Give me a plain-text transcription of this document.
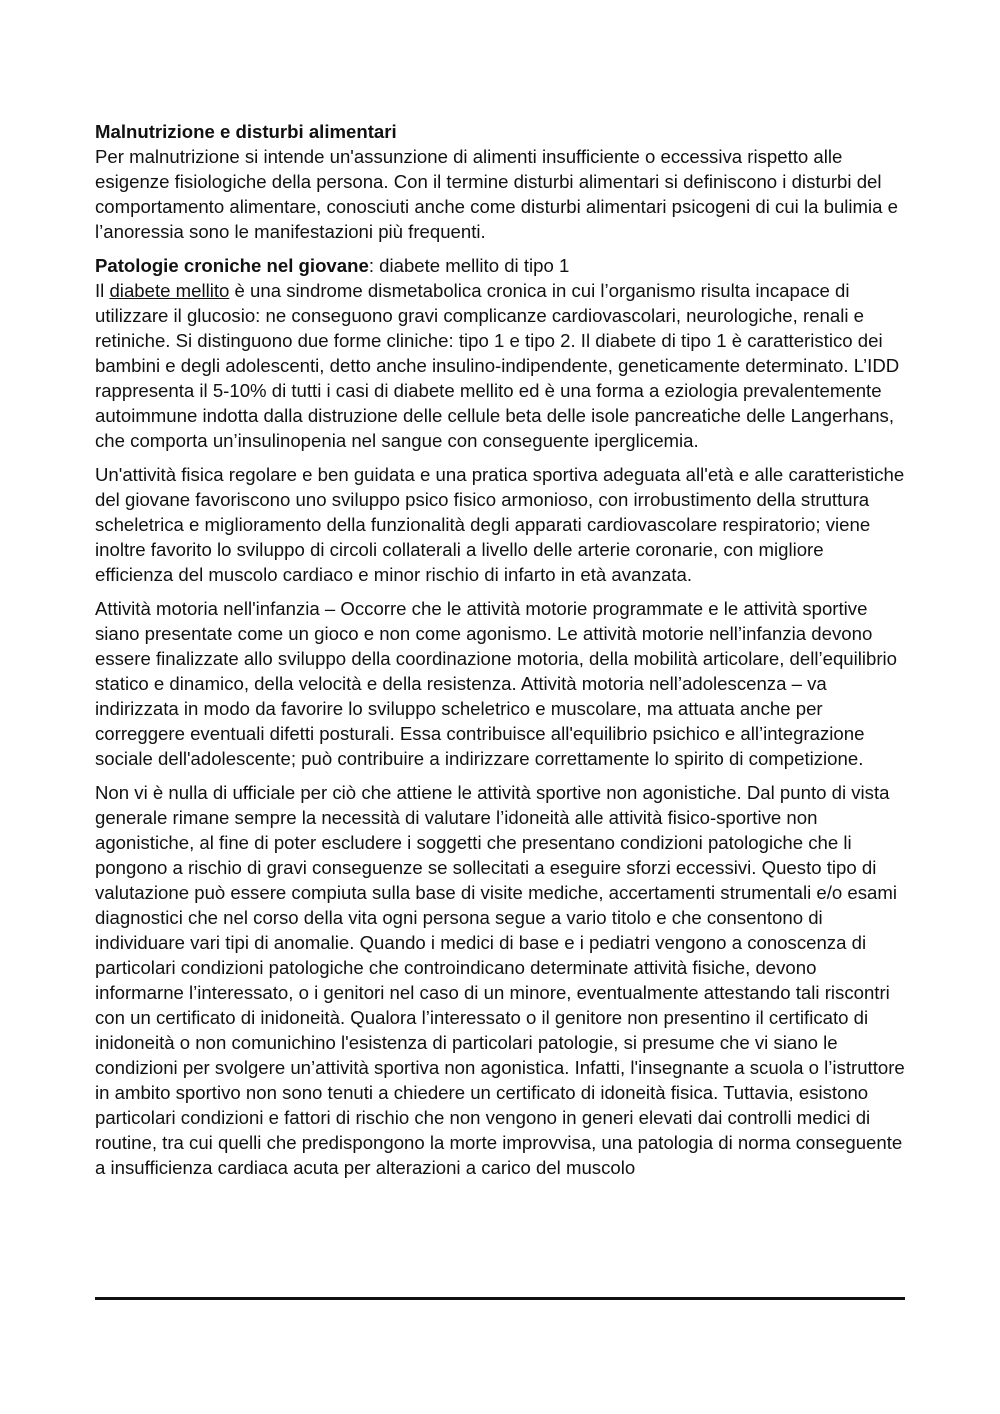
Malnutrizione e disturbi alimentari
Per malnutrizione si intende un'assunzione di alimenti insufficiente o eccessiva rispetto alle esigenze fisiologiche della persona. Con il termine disturbi alimentari si definiscono i disturbi del comportamento alimentare, conosciuti anche come disturbi alimentari psicogeni di cui la bulimia e l’anoressia sono le manifestazioni più frequenti.

Patologie croniche nel giovane: diabete mellito di tipo 1
Il diabete mellito è una sindrome dismetabolica cronica in cui l’organismo risulta incapace di utilizzare il glucosio: ne conseguono gravi complicanze cardiovascolari, neurologiche, renali e retiniche. Si distinguono due forme cliniche: tipo 1 e tipo 2. Il diabete di tipo 1 è caratteristico dei bambini e degli adolescenti, detto anche insulino-indipendente, geneticamente determinato. L’IDD rappresenta il 5-10% di tutti i casi di diabete mellito ed è una forma a eziologia prevalentemente autoimmune indotta dalla distruzione delle cellule beta delle isole pancreatiche delle Langerhans, che comporta un’insulinopenia nel sangue con conseguente iperglicemia.

Un'attività fisica regolare e ben guidata e una pratica sportiva adeguata all'età e alle caratteristiche del giovane favoriscono uno sviluppo psico fisico armonioso, con irrobustimento della struttura scheletrica e miglioramento della funzionalità degli apparati cardiovascolare respiratorio; viene inoltre favorito lo sviluppo di circoli collaterali a livello delle arterie coronarie, con migliore efficienza del muscolo cardiaco e minor rischio di infarto in età avanzata.

Attività motoria nell'infanzia – Occorre che le attività motorie programmate e le attività sportive siano presentate come un gioco e non come agonismo. Le attività motorie nell’infanzia devono essere finalizzate allo sviluppo della coordinazione motoria, della mobilità articolare, dell’equilibrio statico e dinamico, della velocità e della resistenza. Attività motoria nell’adolescenza – va indirizzata in modo da favorire lo sviluppo scheletrico e muscolare, ma attuata anche per correggere eventuali difetti posturali. Essa contribuisce all'equilibrio psichico e all’integrazione sociale dell'adolescente; può contribuire a indirizzare correttamente lo spirito di competizione.

Non vi è nulla di ufficiale per ciò che attiene le attività sportive non agonistiche. Dal punto di vista generale rimane sempre la necessità di valutare l’idoneità alle attività fisico-sportive non agonistiche, al fine di poter escludere i soggetti che presentano condizioni patologiche che li pongono a rischio di gravi conseguenze se sollecitati a eseguire sforzi eccessivi. Questo tipo di valutazione può essere compiuta sulla base di visite mediche, accertamenti strumentali e/o esami diagnostici che nel corso della vita ogni persona segue a vario titolo e che consentono di individuare vari tipi di anomalie. Quando i medici di base e i pediatri vengono a conoscenza di particolari condizioni patologiche che controindicano determinate attività fisiche, devono informarne l’interessato, o i genitori nel caso di un minore, eventualmente attestando tali riscontri con un certificato di inidoneità. Qualora l’interessato o il genitore non presentino il certificato di inidoneità o non comunichino l'esistenza di particolari patologie, si presume che vi siano le condizioni per svolgere un’attività sportiva non agonistica. Infatti, l'insegnante a scuola o l’istruttore in ambito sportivo non sono tenuti a chiedere un certificato di idoneità fisica. Tuttavia, esistono particolari condizioni e fattori di rischio che non vengono in generi elevati dai controlli medici di routine, tra cui quelli che predispongono la morte improvvisa, una patologia di norma conseguente a insufficienza cardiaca acuta per alterazioni a carico del muscolo
